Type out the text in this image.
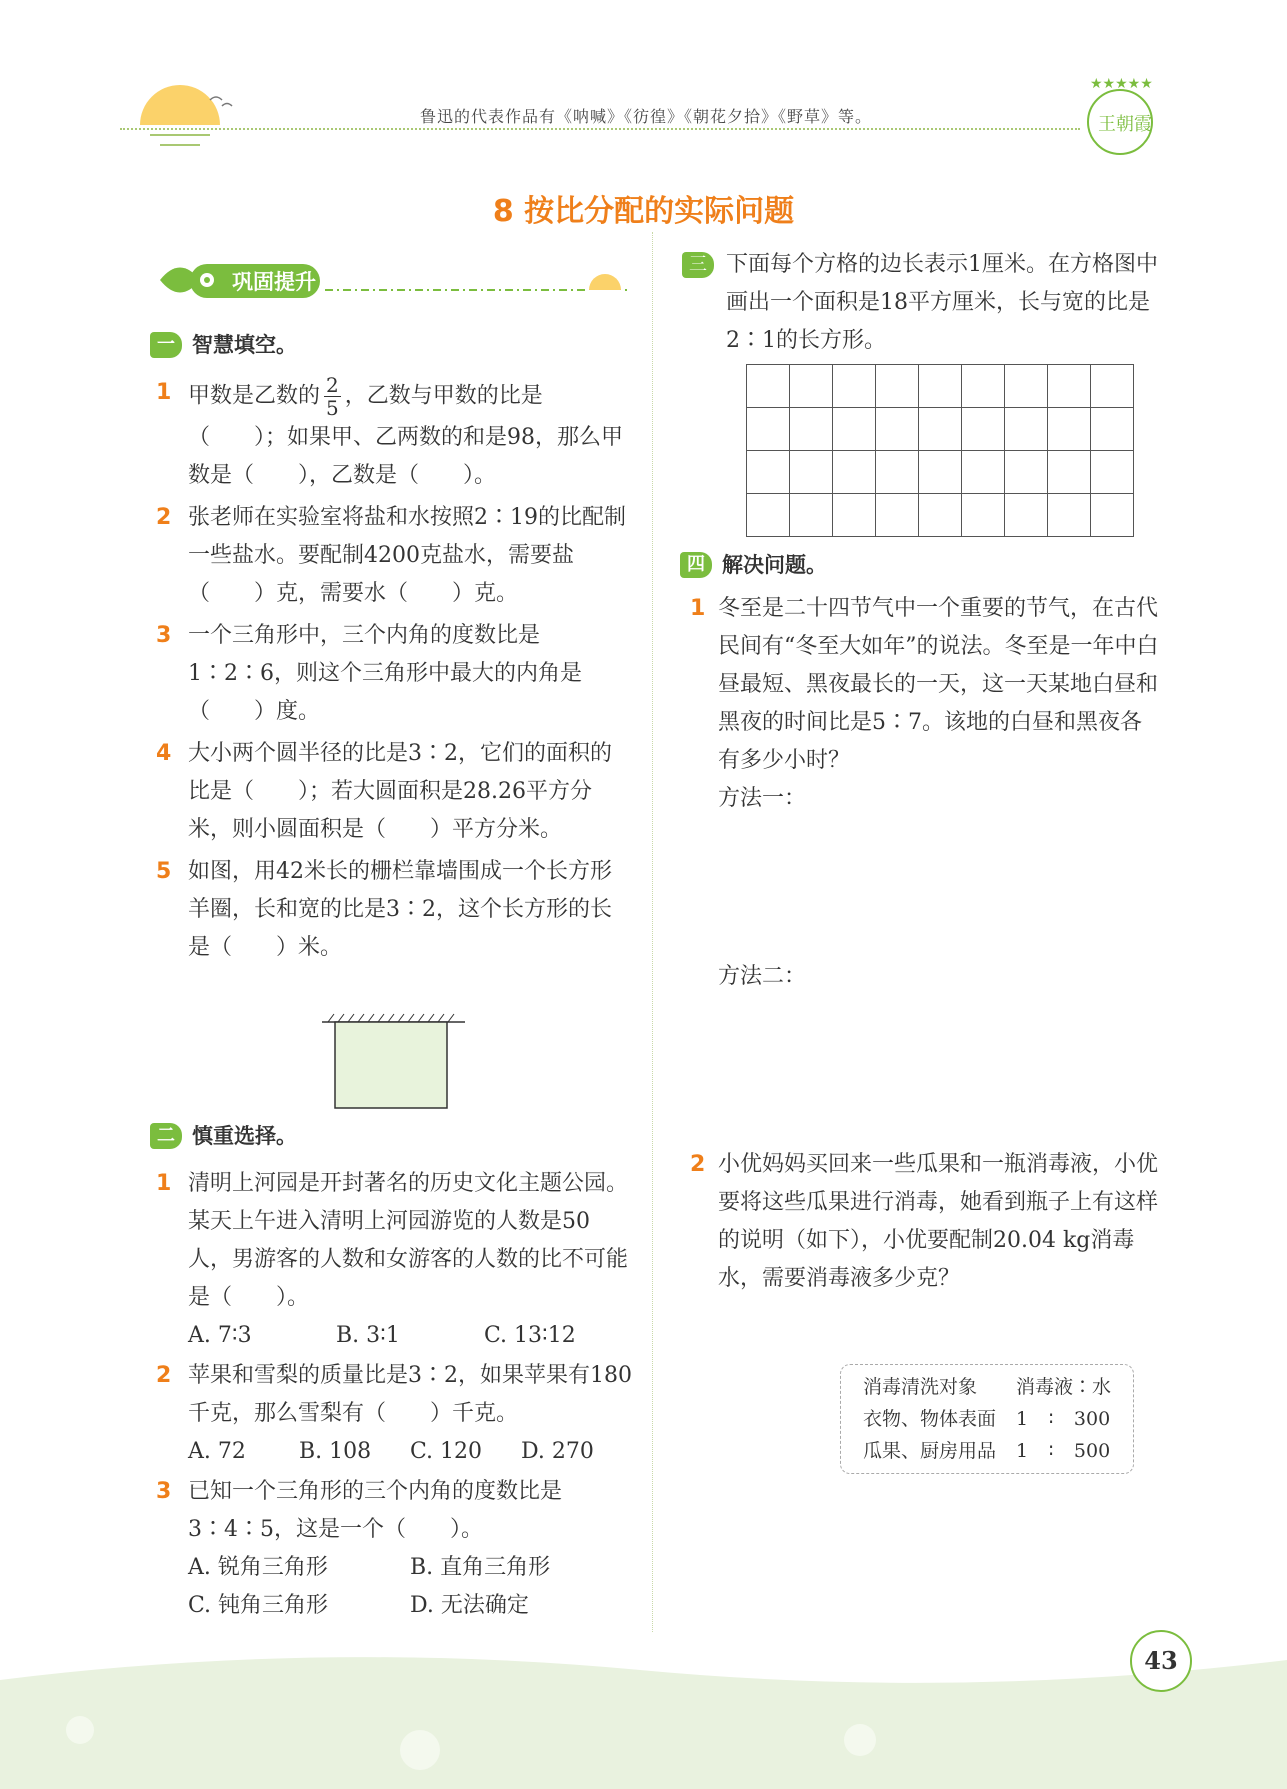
王朝霞
★★★★★
鲁迅的代表作品有《呐喊》《彷徨》《朝花夕拾》《野草》等。
8 按比分配的实际问题
巩固提升
一 智慧填空。
1 甲数是乙数的 $\frac{2}{5}$ ，乙数与甲数的比是（　　）；如果甲、乙两数的和是98，那么甲数是（　　），乙数是（　　）。
2 张老师在实验室将盐和水按照2∶19的比配制一些盐水。要配制4200克盐水，需要盐（　　）克，需要水（　　）克。
3 一个三角形中，三个内角的度数比是1∶2∶6，则这个三角形中最大的内角是（　　）度。
4 大小两个圆半径的比是3∶2，它们的面积的比是（　　）；若大圆面积是28.26平方分米，则小圆面积是（　　）平方分米。
5 如图，用42米长的栅栏靠墙围成一个长方形羊圈，长和宽的比是3∶2，这个长方形的长是（　　）米。
二 慎重选择。
1 清明上河园是开封著名的历史文化主题公园。某天上午进入清明上河园游览的人数是50人，男游客的人数和女游客的人数的比不可能是（　　）。
A. 7∶3	B. 3∶1	C. 13∶12
2 苹果和雪梨的质量比是3∶2，如果苹果有180千克，那么雪梨有（　　）千克。
A. 72	B. 108	C. 120	D. 270
3 已知一个三角形的三个内角的度数比是3∶4∶5，这是一个（　　）。
A. 锐角三角形	B. 直角三角形
C. 钝角三角形	D. 无法确定
三 下面每个方格的边长表示1厘米。在方格图中画出一个面积是18平方厘米，长与宽的比是2∶1的长方形。

四 解决问题。
1 冬至是二十四节气中一个重要的节气，在古代民间有“冬至大如年”的说法。冬至是一年中白昼最短、黑夜最长的一天，这一天某地白昼和黑夜的时间比是5∶7。该地的白昼和黑夜各有多少小时？
方法一：
方法二：
2 小优妈妈买回来一些瓜果和一瓶消毒液，小优要将这些瓜果进行消毒，她看到瓶子上有这样的说明（如下），小优要配制20.04 kg消毒水，需要消毒液多少克？
消毒清洗对象	消毒液∶水		
衣物、物体表面	1	∶	300
瓜果、厨房用品	1	∶	500
43
